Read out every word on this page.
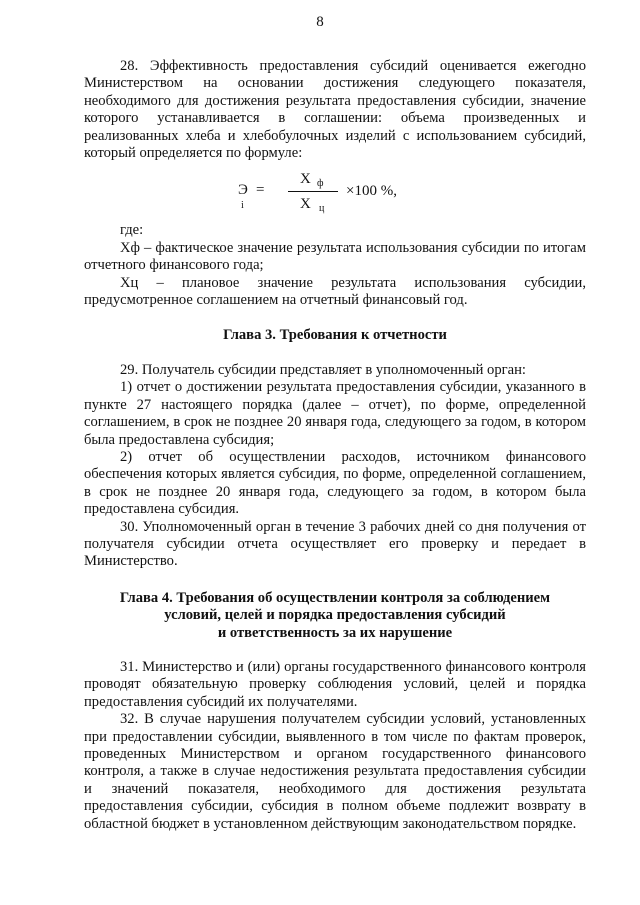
8

28. Эффективность предоставления субсидий оценивается ежегодно Министерством на основании достижения следующего показателя, необходимого для достижения результата предоставления субсидии, значение которого устанавливается в соглашении: объема произведенных и реализованных хлеба и хлебобулочных изделий с использованием субсидий, который определяется по формуле:

Э
i
=
Х ф
Х ц
×100 %,

где:

Хф – фактическое значение результата использования субсидии по итогам отчетного финансового года;

Хц – плановое значение результата использования субсидии, предусмотренное соглашением на отчетный финансовый год.

Глава 3. Требования к отчетности

29. Получатель субсидии представляет в уполномоченный орган:

1) отчет о достижении результата предоставления субсидии, указанного в пункте 27 настоящего порядка (далее – отчет), по форме, определенной соглашением, в срок не позднее 20 января года, следующего за годом, в котором была предоставлена субсидия;

2) отчет об осуществлении расходов, источником финансового обеспечения которых является субсидия, по форме, определенной соглашением, в срок не позднее 20 января года, следующего за годом, в котором была предоставлена субсидия.

30. Уполномоченный орган в течение 3 рабочих дней со дня получения от получателя субсидии отчета осуществляет его проверку и передает в Министерство.

Глава 4. Требования об осуществлении контроля за соблюдением
условий, целей и порядка предоставления субсидий
и ответственность за их нарушение

31. Министерство и (или) органы государственного финансового контроля проводят обязательную проверку соблюдения условий, целей и порядка предоставления субсидий их получателями.

32. В случае нарушения получателем субсидии условий, установленных при предоставлении субсидии, выявленного в том числе по фактам проверок, проведенных Министерством и органом государственного финансового контроля, а также в случае недостижения результата предоставления субсидии и значений показателя, необходимого для достижения результата предоставления субсидии, субсидия в полном объеме подлежит возврату в областной бюджет в установленном действующим законодательством порядке.
